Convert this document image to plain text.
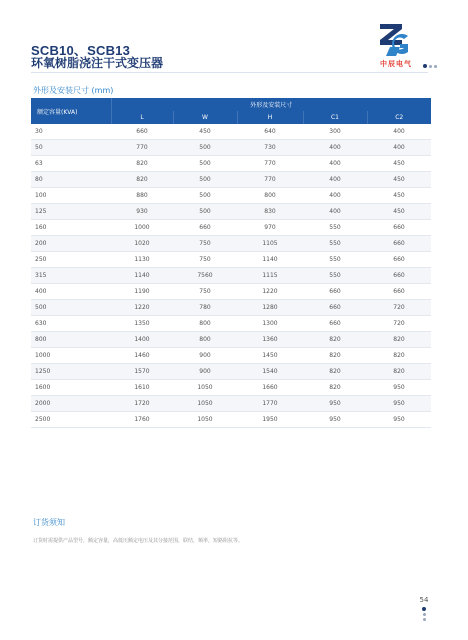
SCB10、SCB13
环氧树脂浇注干式变压器	中辰电气
外形及安装尺寸 (mm)
额定容量(KVA)	外形及安装尺寸				
	L	W	H	C1	C2
30	660	450	640	300	400
50	770	500	730	400	400
63	820	500	770	400	450
80	820	500	770	400	450
100	880	500	800	400	450
125	930	500	830	400	450
160	1000	660	970	550	660
200	1020	750	1105	550	660
250	1130	750	1140	550	660
315	1140	7560	1115	550	660
400	1190	750	1220	660	660
500	1220	780	1280	660	720
630	1350	800	1300	660	720
800	1400	800	1360	820	820
1000	1460	900	1450	820	820
1250	1570	900	1540	820	820
1600	1610	1050	1660	820	950
2000	1720	1050	1770	950	950
2500	1760	1050	1950	950	950
订货须知
订货时需提供产品型号，额定容量，高低压额定电压及其分接范围，联结，频率，短路阻抗等。
54
